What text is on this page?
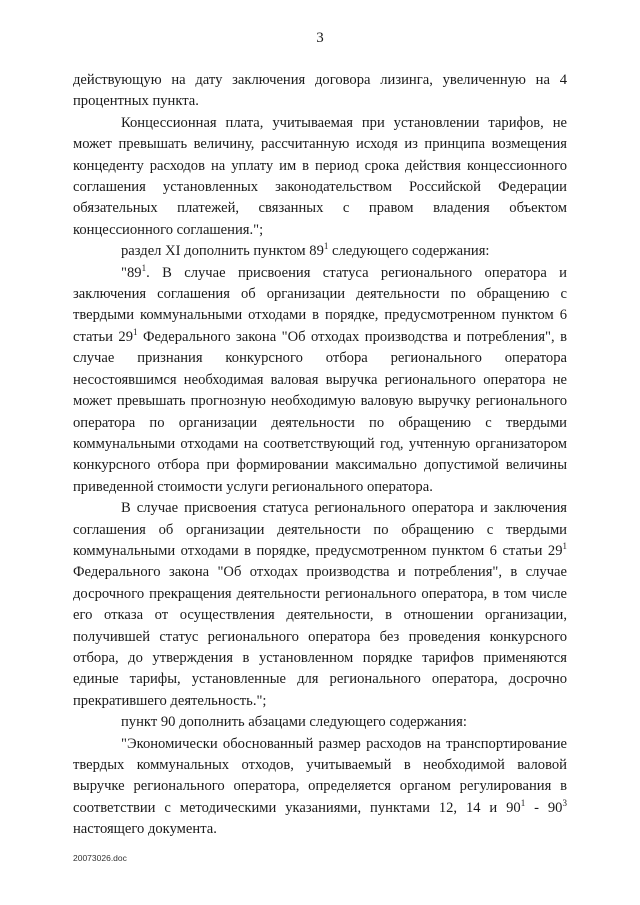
3

действующую на дату заключения договора лизинга, увеличенную на 4 процентных пункта.

Концессионная плата, учитываемая при установлении тарифов, не может превышать величину, рассчитанную исходя из принципа возмещения концеденту расходов на уплату им в период срока действия концессионного соглашения установленных законодательством Российской Федерации обязательных платежей, связанных с правом владения объектом концессионного соглашения.";

раздел XI дополнить пунктом $89^1$ следующего содержания:

"$89^1$. В случае присвоения статуса регионального оператора и заключения соглашения об организации деятельности по обращению с твердыми коммунальными отходами в порядке, предусмотренном пунктом 6 статьи $29^1$ Федерального закона "Об отходах производства и потребления", в случае признания конкурсного отбора регионального оператора несостоявшимся необходимая валовая выручка регионального оператора не может превышать прогнозную необходимую валовую выручку регионального оператора по организации деятельности по обращению с твердыми коммунальными отходами на соответствующий год, учтенную организатором конкурсного отбора при формировании максимально допустимой величины приведенной стоимости услуги регионального оператора.

В случае присвоения статуса регионального оператора и заключения соглашения об организации деятельности по обращению с твердыми коммунальными отходами в порядке, предусмотренном пунктом 6 статьи $29^1$ Федерального закона "Об отходах производства и потребления", в случае досрочного прекращения деятельности регионального оператора, в том числе его отказа от осуществления деятельности, в отношении организации, получившей статус регионального оператора без проведения конкурсного отбора, до утверждения в установленном порядке тарифов применяются единые тарифы, установленные для регионального оператора, досрочно прекратившего деятельность.";

пункт 90 дополнить абзацами следующего содержания:

"Экономически обоснованный размер расходов на транспортирование твердых коммунальных отходов, учитываемый в необходимой валовой выручке регионального оператора, определяется органом регулирования в соответствии с методическими указаниями, пунктами 12, 14 и $90^1 - 90^3$ настоящего документа.

20073026.doc
